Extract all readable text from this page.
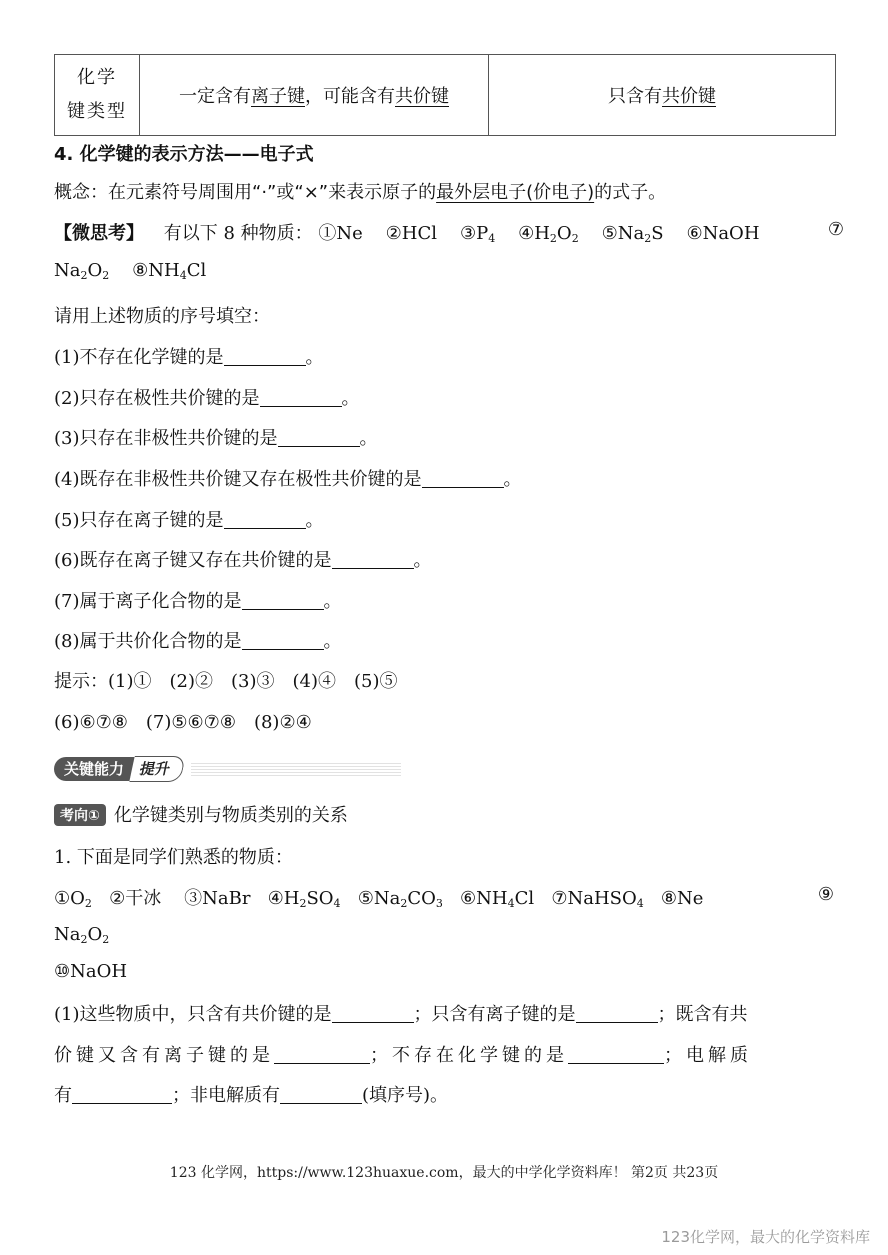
化学
键类型	一定含有离子键，可能含有共价键	只含有共价键
4. 化学键的表示方法——电子式
概念：在元素符号周围用“·”或“×”来表示原子的最外层电子(价电子)的式子。
【微思考】 有以下 8 种物质： ①Ne ②HCl $③P_4$ $④H_2O_2$ $⑤Na_2S$ ⑥NaOH	⑦
$Na_2O_2$ $⑧NH_4Cl$
请用上述物质的序号填空：
(1)不存在化学键的是	。
(2)只存在极性共价键的是	。
(3)只存在非极性共价键的是	。
(4)既存在非极性共价键又存在极性共价键的是	。
(5)只存在离子键的是	。
(6)既存在离子键又存在共价键的是	。
(7)属于离子化合物的是	。
(8)属于共价化合物的是	。
提示：(1)①　(2)②　(3)③　(4)④　(5)⑤
(6)⑥⑦⑧　(7)⑤⑥⑦⑧　(8)②④
关键能力 提升
考向① 化学键类别与物质类别的关系
1. 下面是同学们熟悉的物质：
$①O_2$ ②干冰 ③NaBr $④H_2SO_4$ $⑤Na_2CO_3$ $⑥NH_4Cl$ ⑦NaHSO$_4$ ⑧Ne	⑨
$Na_2O_2$
⑩NaOH
(1)这些物质中，只含有共价键的是	；只含有离子键的是	；既含有共
价键又含有离子键的是	；不存在化学键的是	；电解质
有	；非电解质有	(填序号)。
123 化学网，https://www.123huaxue.com，最大的中学化学资料库！ 第2页 共23页
123化学网，最大的化学资料库
